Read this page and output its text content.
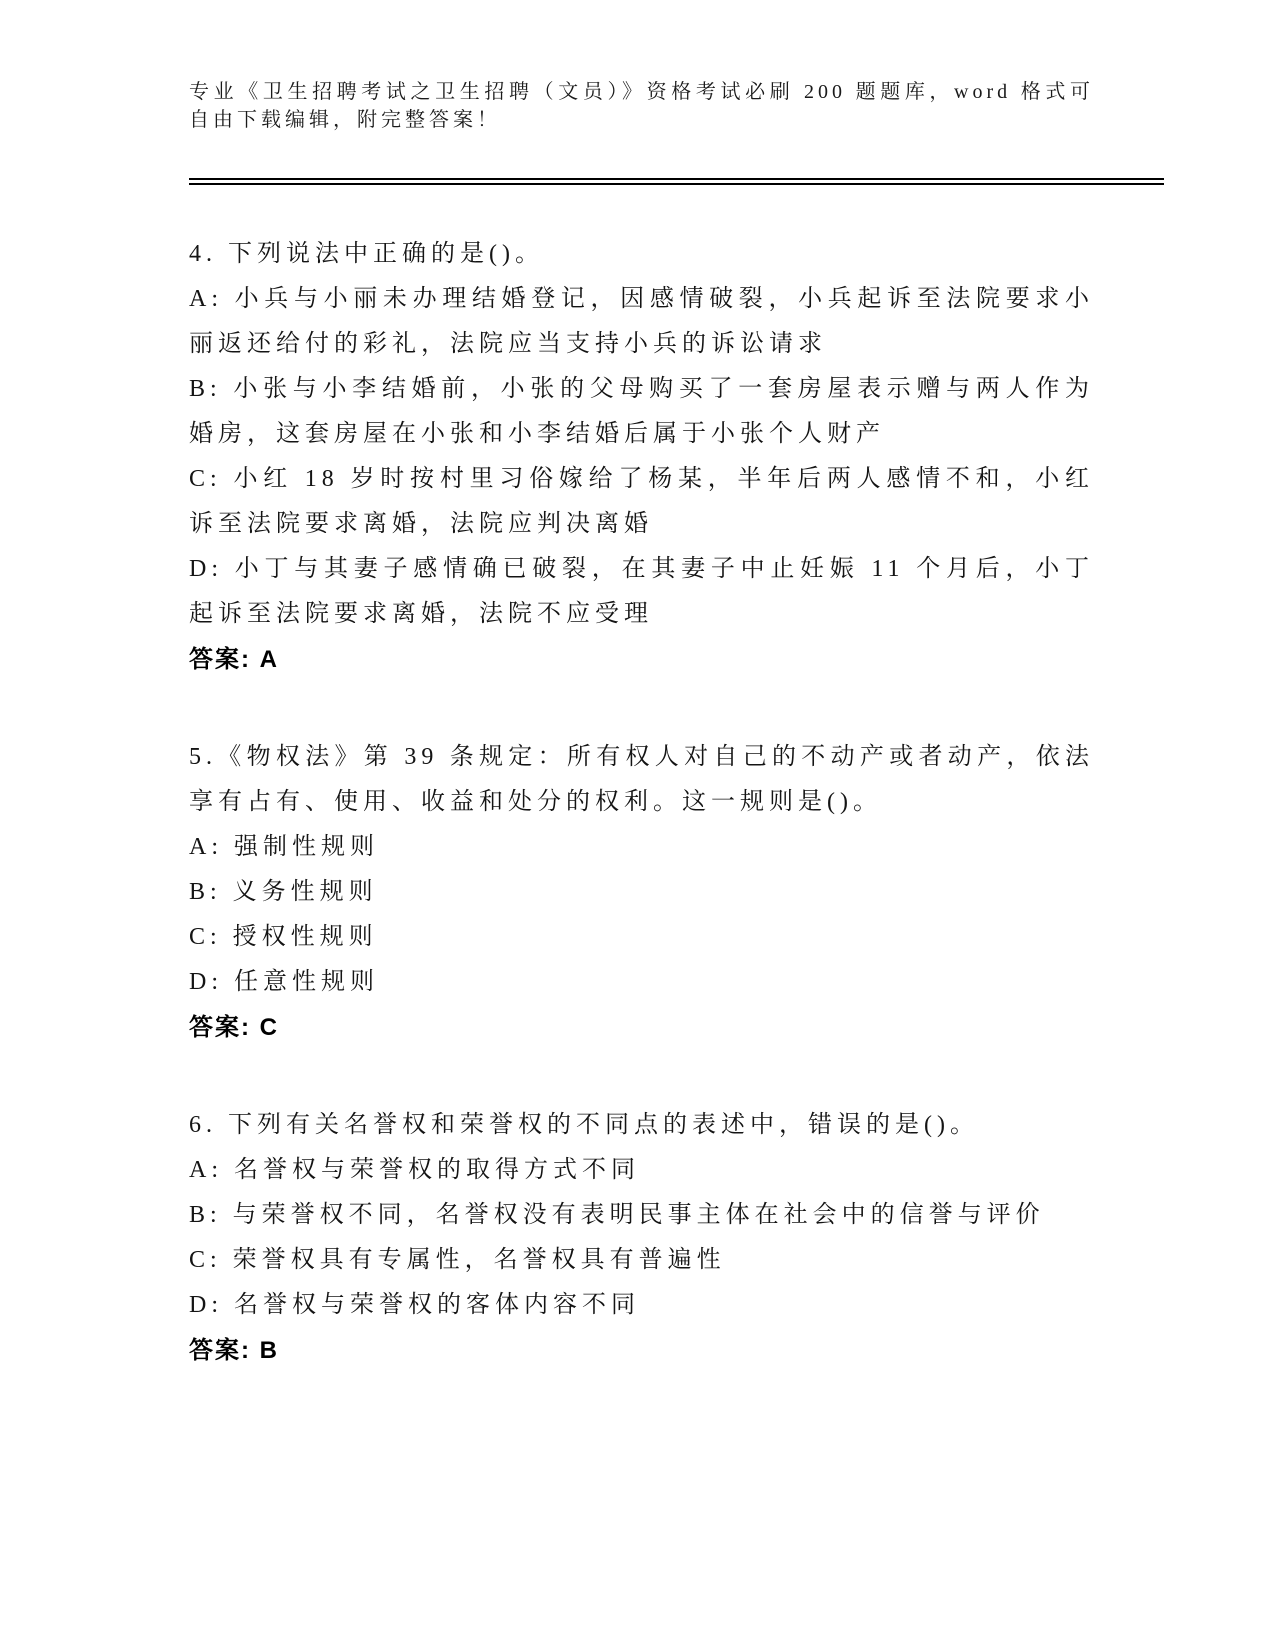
专业《卫生招聘考试之卫生招聘（文员）》资格考试必刷 200 题题库，word 格式可自由下载编辑，附完整答案！

4. 下列说法中正确的是()。

A: 小兵与小丽未办理结婚登记，因感情破裂，小兵起诉至法院要求小丽返还给付的彩礼，法院应当支持小兵的诉讼请求

B: 小张与小李结婚前，小张的父母购买了一套房屋表示赠与两人作为婚房，这套房屋在小张和小李结婚后属于小张个人财产

C: 小红 18 岁时按村里习俗嫁给了杨某，半年后两人感情不和，小红诉至法院要求离婚，法院应判决离婚

D: 小丁与其妻子感情确已破裂，在其妻子中止妊娠 11 个月后，小丁起诉至法院要求离婚，法院不应受理

答案: A

5.《物权法》第 39 条规定：所有权人对自己的不动产或者动产，依法享有占有、使用、收益和处分的权利。这一规则是()。

A: 强制性规则

B: 义务性规则

C: 授权性规则

D: 任意性规则

答案: C

6. 下列有关名誉权和荣誉权的不同点的表述中，错误的是()。

A: 名誉权与荣誉权的取得方式不同

B: 与荣誉权不同，名誉权没有表明民事主体在社会中的信誉与评价

C: 荣誉权具有专属性，名誉权具有普遍性

D: 名誉权与荣誉权的客体内容不同

答案: B
